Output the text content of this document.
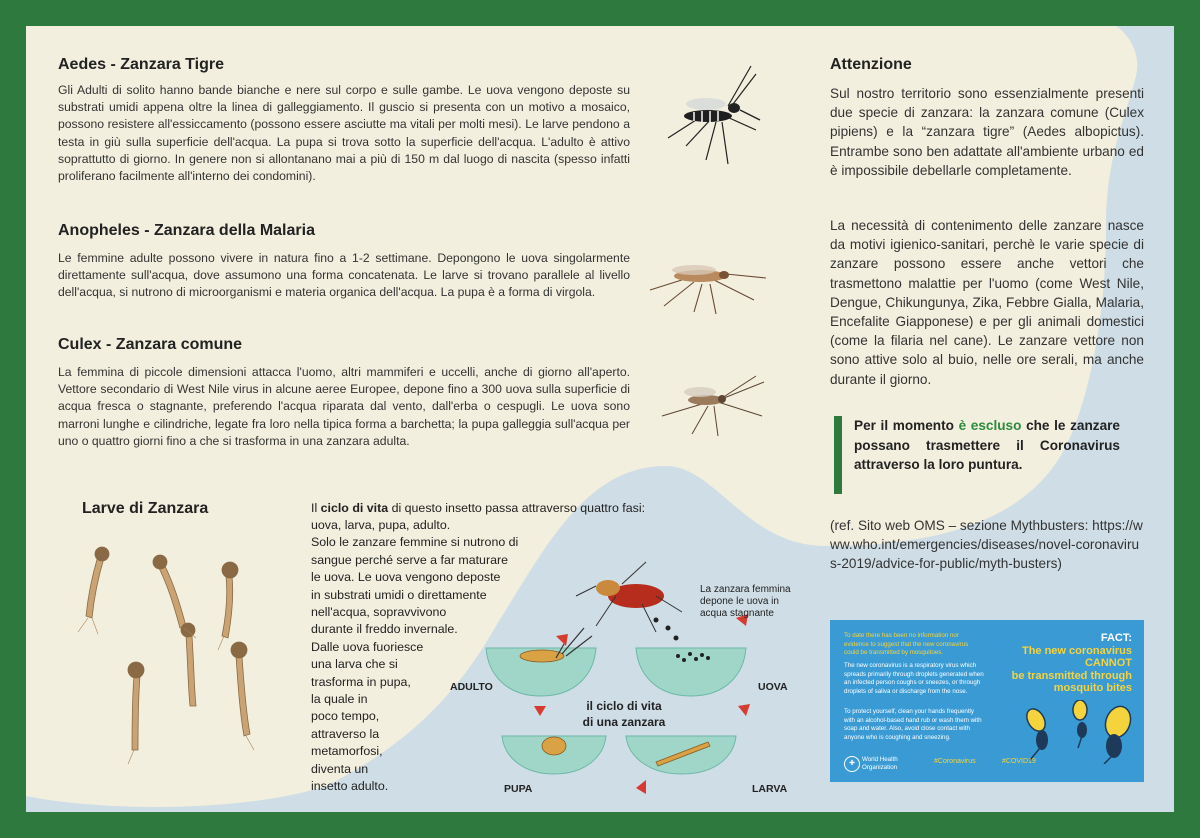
Aedes - Zanzara Tigre
Gli Adulti di solito hanno bande bianche e nere sul corpo e sulle gambe. Le uova vengono deposte su substrati umidi appena oltre la linea di galleggiamento. Il guscio si presenta con un motivo a mosaico, possono resistere all'essiccamento (possono essere asciutte ma vitali per molti mesi). Le larve pendono a testa in giù sulla superficie dell'acqua. La pupa si trova sotto la superficie dell'acqua. L'adulto è attivo soprattutto di giorno. In genere non si allontanano mai a più di 150 m dal luogo di nascita (spesso infatti proliferano facilmente all'interno dei condomini).
Anopheles - Zanzara della Malaria
Le femmine adulte possono vivere in natura fino a 1-2 settimane. Depongono le uova singolarmente direttamente sull'acqua, dove assumono una forma concatenata. Le larve si trovano parallele al livello dell'acqua, si nutrono di microorganismi e materia organica dell'acqua. La pupa è a forma di virgola.
Culex - Zanzara comune
La femmina di piccole dimensioni attacca l'uomo, altri mammiferi e uccelli, anche di giorno all'aperto. Vettore secondario di West Nile virus in alcune aeree Europee, depone fino a 300 uova sulla superficie di acqua fresca o stagnante, preferendo l'acqua riparata dal vento, dall'erba o cespugli. Le uova sono marroni lunghe e cilindriche, legate fra loro nella tipica forma a barchetta; la pupa galleggia sull'acqua per uno o quattro giorni fino a che si trasforma in una zanzara adulta.
Larve di Zanzara	Il ciclo di vita di questo insetto passa attraverso quattro fasi:
uova, larva, pupa, adulto.
Solo le zanzare femmine si nutrono di
sangue perché serve a far maturare
le uova. Le uova vengono deposte
in substrati umidi o direttamente
nell'acqua, sopravvivono
durante il freddo invernale.
Dalle uova fuoriesce
una larva che si
trasforma in pupa,
la quale in
poco tempo,
attraverso la
metamorfosi,
diventa un
insetto adulto.
il ciclo di vita
di una zanzara
ADULTO	UOVA
PUPA	LARVA
La zanzara femmina
depone le uova in
acqua stagnante
Attenzione
Sul nostro territorio sono essenzialmente presenti due specie di zanzara: la zanzara comune (Culex pipiens) e la “zanzara tigre” (Aedes albopictus). Entrambe sono ben adattate all'ambiente urbano ed è impossibile debellarle completamente.
La necessità di contenimento delle zanzare nasce da motivi igienico-sanitari, perchè le varie specie di zanzare possono essere anche vettori che trasmettono malattie per l'uomo (come West Nile, Dengue, Chikungunya, Zika, Febbre Gialla, Malaria, Encefalite Giapponese) e per gli animali domestici (come la filaria nel cane). Le zanzare vettore non sono attive solo al buio, nelle ore serali, ma anche durante il giorno.
Per il momento è escluso che le zanzare possano trasmettere il Coronavirus attraverso la loro puntura.
(ref. Sito web OMS – sezione Mythbusters: https://www.who.int/emergencies/diseases/novel-coronavirus-2019/advice-for-public/myth-busters)
To date there has been no information nor evidence to suggest that the new coronavirus could be transmitted by mosquitoes.
The new coronavirus is a respiratory virus which spreads primarily through droplets generated when an infected person coughs or sneezes, or through droplets of saliva or discharge from the nose.
To protect yourself, clean your hands frequently with an alcohol-based hand rub or wash them with soap and water. Also, avoid close contact with anyone who is coughing and sneezing.
FACT:
The new coronavirus
CANNOT
be transmitted through
mosquito bites
✚
World Health
Organization
#Coronavirus	#COVID19
